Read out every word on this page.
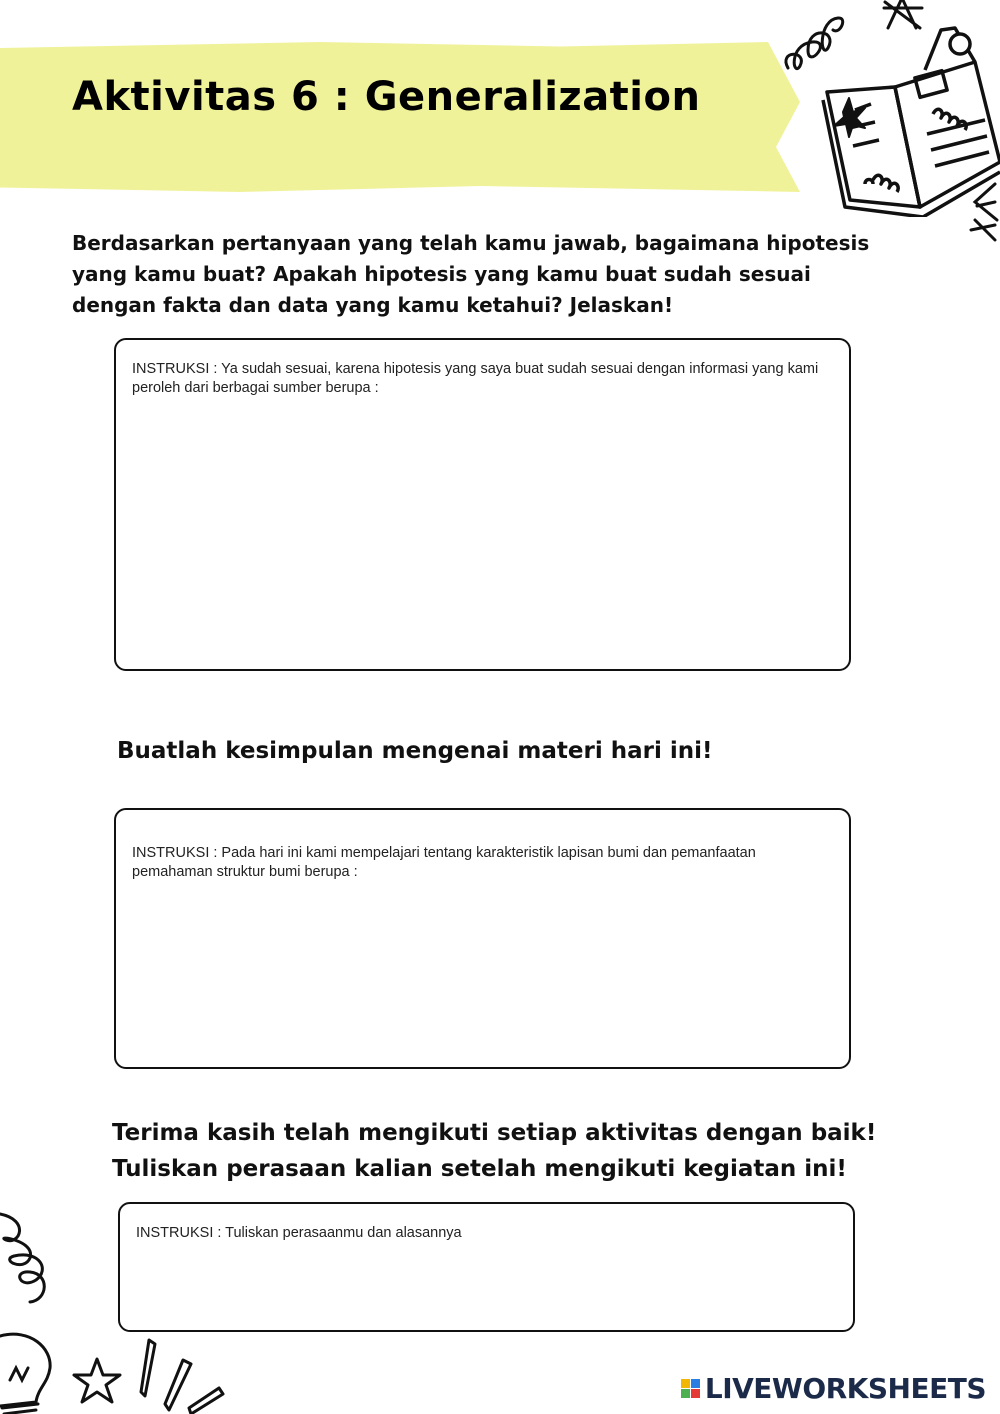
Aktivitas 6 : Generalization

Berdasarkan pertanyaan yang telah kamu jawab, bagaimana hipotesis yang kamu buat? Apakah hipotesis yang kamu buat sudah sesuai dengan fakta dan data yang kamu ketahui? Jelaskan!

INSTRUKSI : Ya sudah sesuai, karena hipotesis yang saya buat sudah sesuai dengan informasi yang kami peroleh dari berbagai sumber berupa :

Buatlah kesimpulan mengenai materi hari ini!

INSTRUKSI : Pada hari ini kami mempelajari tentang karakteristik lapisan bumi dan pemanfaatan pemahaman struktur bumi berupa :

Terima kasih telah mengikuti setiap aktivitas dengan baik!
Tuliskan perasaan kalian setelah mengikuti kegiatan ini!

INSTRUKSI : Tuliskan perasaanmu dan alasannya
LIVEWORKSHEETS
